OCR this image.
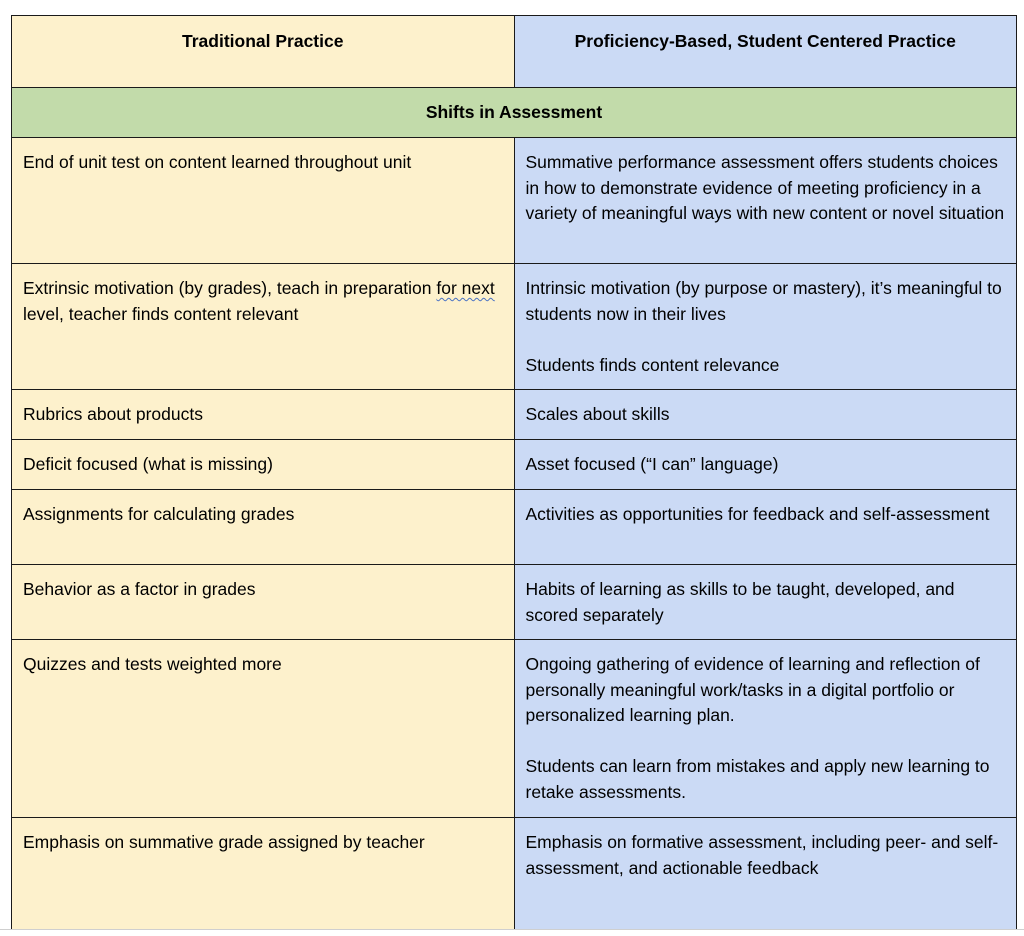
Traditional Practice	Proficiency-Based, Student Centered Practice

Shifts in Assessment	

End of unit test on content learned throughout unit	Summative performance assessment offers students choices in how to demonstrate evidence of meeting proficiency in a variety of meaningful ways with new content or novel situation

Extrinsic motivation (by grades), teach in preparation for next level, teacher finds content relevant	Intrinsic motivation (by purpose or mastery), it’s meaningful to students now in their lives
Students finds content relevance

Rubrics about products	Scales about skills

Deficit focused (what is missing)	Asset focused (“I can” language)

Assignments for calculating grades	Activities as opportunities for feedback and self-assessment

Behavior as a factor in grades	Habits of learning as skills to be taught, developed, and scored separately

Quizzes and tests weighted more	Ongoing gathering of evidence of learning and reflection of personally meaningful work/tasks in a digital portfolio or personalized learning plan.
Students can learn from mistakes and apply new learning to retake assessments.

Emphasis on summative grade assigned by teacher	Emphasis on formative assessment, including peer- and self- assessment, and actionable feedback
